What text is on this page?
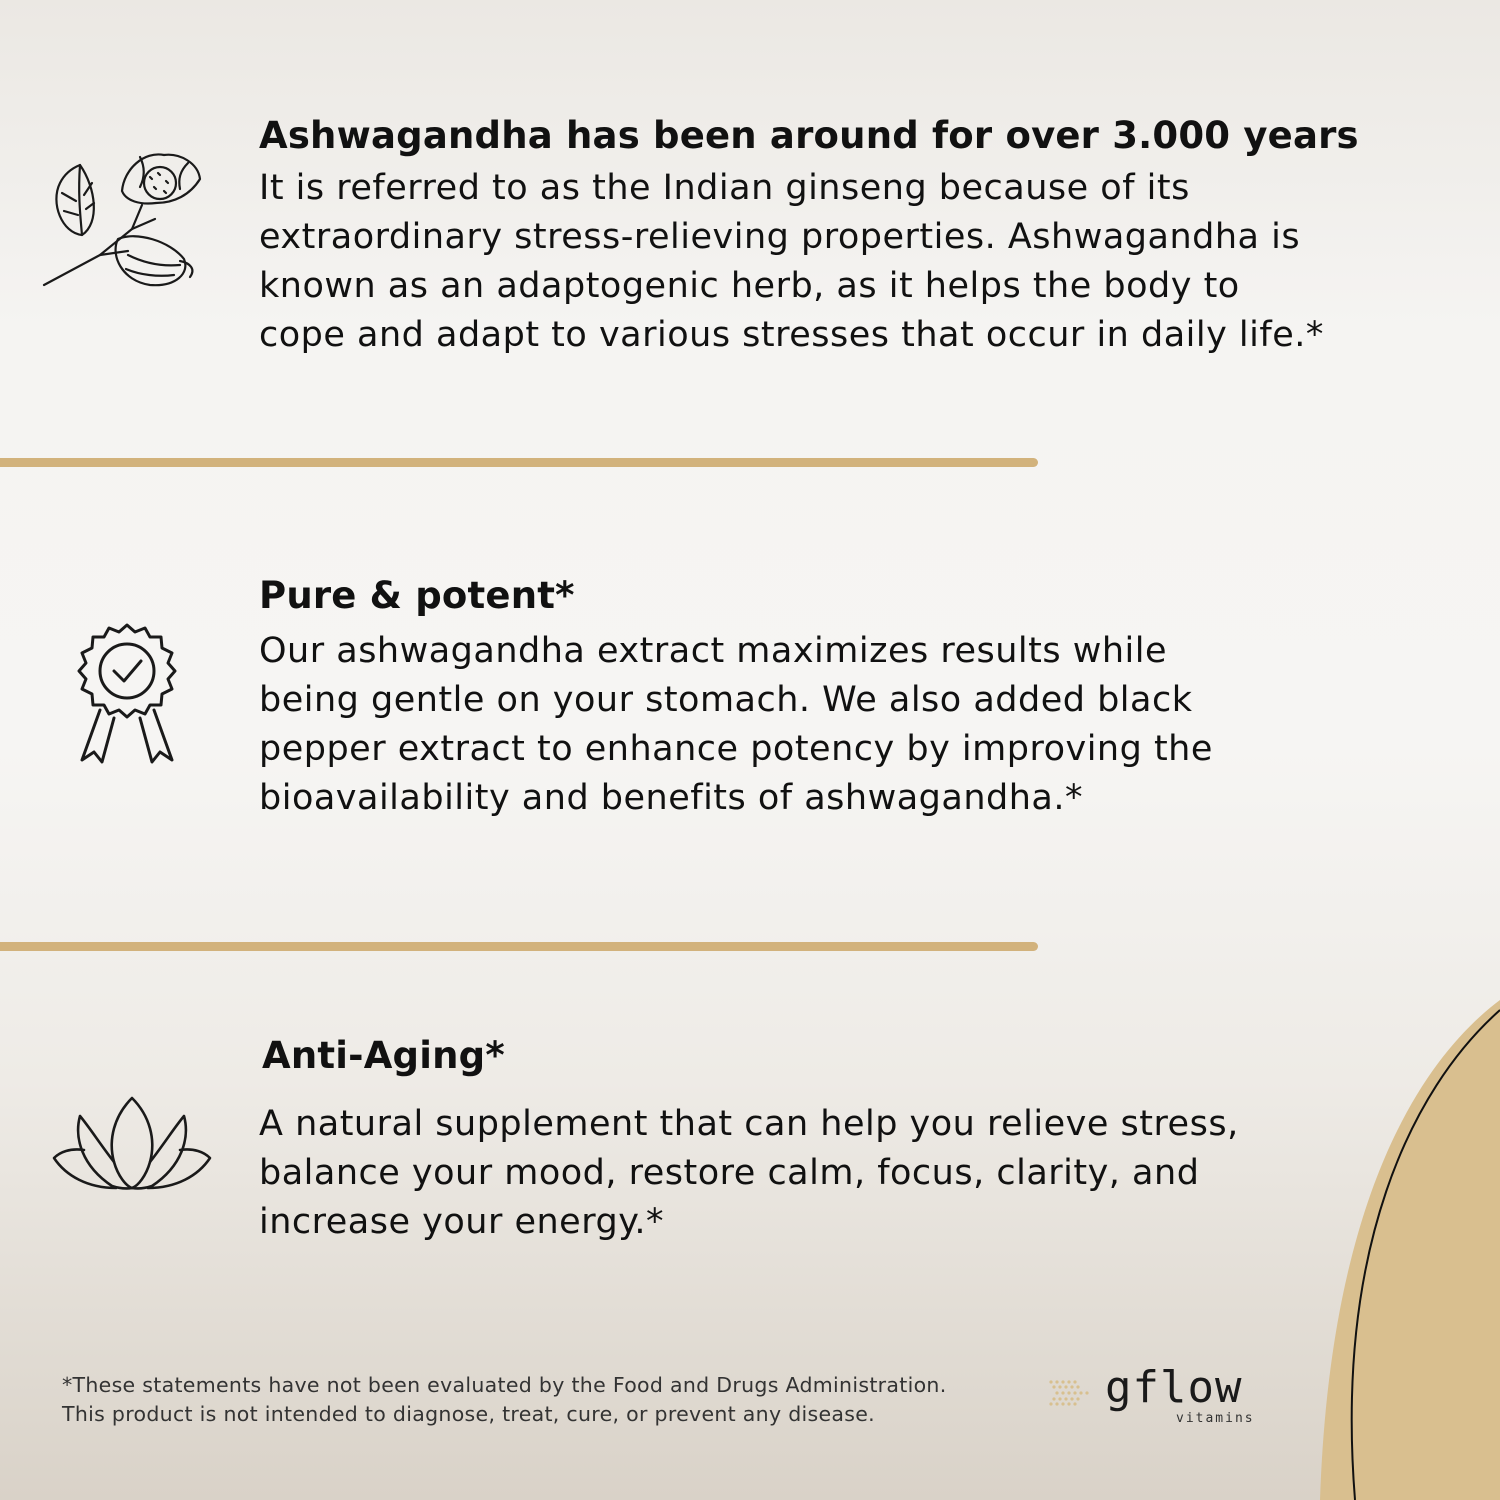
Ashwagandha has been around for over 3.000 years
It is referred to as the Indian ginseng because of its
extraordinary stress-relieving properties. Ashwagandha is
known as an adaptogenic herb, as it helps the body to
cope and adapt to various stresses that occur in daily life.*
Pure & potent*
Our ashwagandha extract maximizes results while
being gentle on your stomach. We also added black
pepper extract to enhance potency by improving the
bioavailability and benefits of ashwagandha.*
Anti-Aging*
A natural supplement that can help you relieve stress,
balance your mood, restore calm, focus, clarity, and
increase your energy.*
*These statements have not been evaluated by the Food and Drugs Administration.
This product is not intended to diagnose, treat, cure, or prevent any disease.
gflow
vitamins
